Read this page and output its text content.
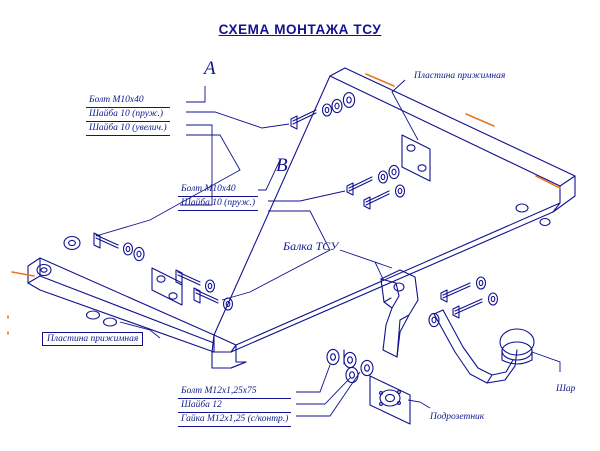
СХЕМА МОНТАЖА ТСУ
А
В
Болт М10х40
Шайба 10 (пруж.)
Шайба 10 (увелич.)
Болт М10х40
Шайба 10 (пруж.)
Болт М12х1,25х75
Шайба 12
Гайка М12х1,25 (с/контр.)
Пластина прижимная
Пластина прижимная
Балка ТСУ
Шар
Подрозетник
